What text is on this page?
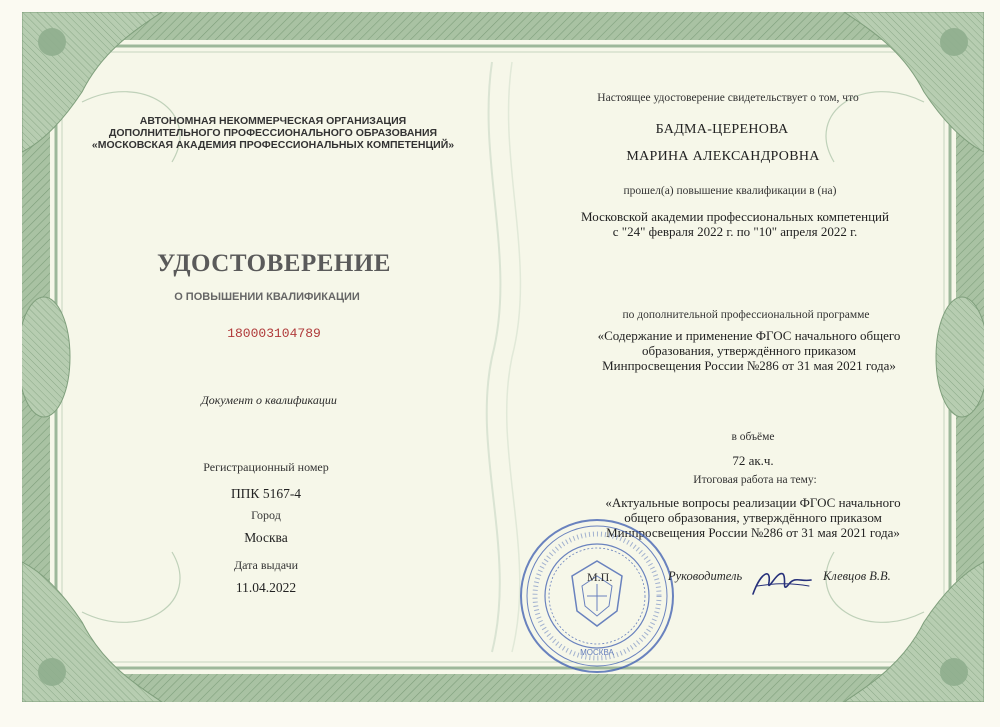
АВТОНОМНАЯ НЕКОММЕРЧЕСКАЯ ОРГАНИЗАЦИЯ
ДОПОЛНИТЕЛЬНОГО ПРОФЕССИОНАЛЬНОГО ОБРАЗОВАНИЯ
«МОСКОВСКАЯ АКАДЕМИЯ ПРОФЕССИОНАЛЬНЫХ КОМПЕТЕНЦИЙ»
УДОСТОВЕРЕНИЕ
О ПОВЫШЕНИИ КВАЛИФИКАЦИИ
180003104789
Документ о квалификации
Регистрационный номер
ППК 5167-4
Город
Москва
Дата выдачи
11.04.2022
Настоящее удостоверение свидетельствует о том, что
БАДМА-ЦЕРЕНОВА
МАРИНА АЛЕКСАНДРОВНА
прошел(а) повышение квалификации в (на)
Московской академии профессиональных компетенций
с "24" февраля 2022 г. по "10" апреля 2022 г.
по дополнительной профессиональной программе
«Содержание и применение ФГОС начального общего
образования, утверждённого приказом
Минпросвещения России №286 от 31 мая 2021 года»
в объёме
72 ак.ч.
Итоговая работа на тему:
«Актуальные вопросы реализации ФГОС начального
общего образования, утверждённого приказом
Минпросвещения России №286 от 31 мая 2021 года»
МОСКВА
М.П.	Руководитель	Клевцов В.В.
